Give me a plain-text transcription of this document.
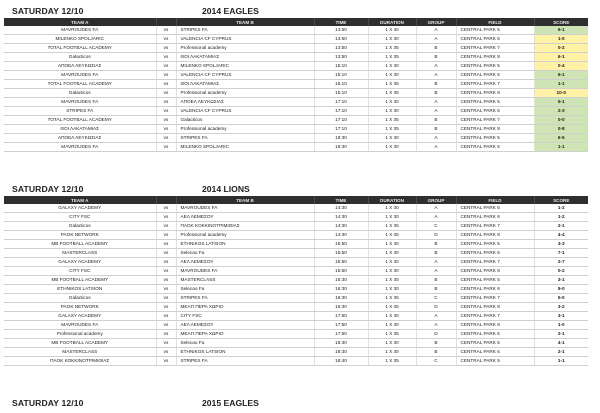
SATURDAY 12/10	2014 EAGLES
TEAM A		TEAM B	TIME	DURATION	GROUP	FIELD	SCORE
MAVROUDES FA	vs	STRIPES FA	13:50	1 X 30	A	CENTRAL PARK 5	6-1
MILENKO SPOLJARIC	vs	VALENCIA CF CYPRUS	13:50	1 X 30	A	CENTRAL PARK 6	1-0
TOTAL FOOTBALL ACADEMY	vs	Professional academy	13:50	1 X 35	B	CENTRAL PARK 7	0-2
Galacticos	vs	ΘΟΙ ΛΑΚΑΤΑΜΙΑΣ	13:50	1 X 35	B	CENTRAL PARK 8	6-1
ΑΠΟΕΛ ΛΕΥΚΩΣΙΑΣ	vs	MILENKO SPOLJARIC	15:10	1 X 30	A	CENTRAL PARK 5	0-4
MAVROUDES FA	vs	VALENCIA CF CYPRUS	15:10	1 X 30	A	CENTRAL PARK 6	6-1
TOTAL FOOTBALL ACADEMY	vs	ΘΟΙ ΛΑΚΑΤΑΜΙΑΣ	15:10	1 X 35	B	CENTRAL PARK 7	1-1
Galacticos	vs	Professional academy	15:10	1 X 35	B	CENTRAL PARK 8	10-0
MAVROUDES FA	vs	ΑΠΟΕΛ ΛΕΥΚΩΣΙΑΣ	17:10	1 X 30	A	CENTRAL PARK 5	5-1
STRIPES FA	vs	VALENCIA CF CYPRUS	17:10	1 X 30	A	CENTRAL PARK 6	2-3
TOTAL FOOTBALL ACADEMY	vs	Galacticos	17:10	1 X 35	B	CENTRAL PARK 7	0-0
ΘΟΙ ΛΑΚΑΤΑΜΙΑΣ	vs	Professional academy	17:10	1 X 35	B	CENTRAL PARK 8	0-8
ΑΠΟΕΛ ΛΕΥΚΩΣΙΑΣ	vs	STRIPES FA	18:30	1 X 30	A	CENTRAL PARK 5	6-5
MAVROUDES FA	vs	MILENKO SPOLJARIC	18:30	1 X 30	A	CENTRAL PARK 6	1-1
SATURDAY 12/10	2014 LIONS
TEAM A		TEAM B	TIME	DURATION	GROUP	FIELD	SCORE
GALAXY ACADEMY	vs	MAVROUDES FA	14:30	1 X 30	A	CENTRAL PARK 5	1-2
CITY FSC	vs	ΑΕΛ ΛΕΜΕΣΟΥ	14:30	1 X 30	A	CENTRAL PARK 6	1-2
Galacticos	vs	ΠΑΟΚ ΚΟΚΚΙΝΟΤΡΙΜΙΘΙΑΣ	14:30	1 X 35	C	CENTRAL PARK 7	2-1
PAOK NETWORK	vs	Professional academy	14:30	1 X 35	D	CENTRAL PARK 8	4-4
MB FOOTBALL ACADEMY	vs	ETHNIKOS LATSION	15:50	1 X 30	B	CENTRAL PARK 5	3-3
MASTERCLASS	vs	Selecao Fa	15:50	1 X 30	B	CENTRAL PARK 6	7-1
GALAXY ACADEMY	vs	ΑΕΛ ΛΕΜΕΣΟΥ	15:50	1 X 30	A	CENTRAL PARK 7	2-7
CITY FSC	vs	MAVROUDES FA	15:50	1 X 30	A	CENTRAL PARK 8	0-2
MB FOOTBALL ACADEMY	vs	MASTERCLASS	16:30	1 X 30	B	CENTRAL PARK 5	3-1
ETHNIKOS LATSION	vs	Selecao Fa	16:30	1 X 30	B	CENTRAL PARK 6	5-0
Galacticos	vs	STRIPES FA	16:30	1 X 35	C	CENTRAL PARK 7	5-0
PAOK NETWORK	vs	ΜΕΑΠ ΠΕΡΑ ΧΩΡΙΟ	16:30	1 X 35	D	CENTRAL PARK 8	3-2
GALAXY ACADEMY	vs	CITY FSC	17:50	1 X 30	A	CENTRAL PARK 7	3-1
MAVROUDES FA	vs	ΑΕΛ ΛΕΜΕΣΟΥ	17:50	1 X 30	A	CENTRAL PARK 8	1-0
Professional academy	vs	ΜΕΑΠ ΠΕΡΑ ΧΩΡΙΟ	17:50	1 X 35	D	CENTRAL PARK 6	2-1
MB FOOTBALL ACADEMY	vs	Selecao Fa	18:30	1 X 30	B	CENTRAL PARK 5	4-1
MASTERCLASS	vs	ETHNIKOS LATSION	18:30	1 X 30	B	CENTRAL PARK 6	2-1
ΠΑΟΚ ΚΟΚΚΙΝΟΤΡΙΜΙΘΙΑΣ	vs	STRIPES FA	18:40	1 X 35	C	CENTRAL PARK 5	1-1
SATURDAY 12/10	2015 EAGLES
